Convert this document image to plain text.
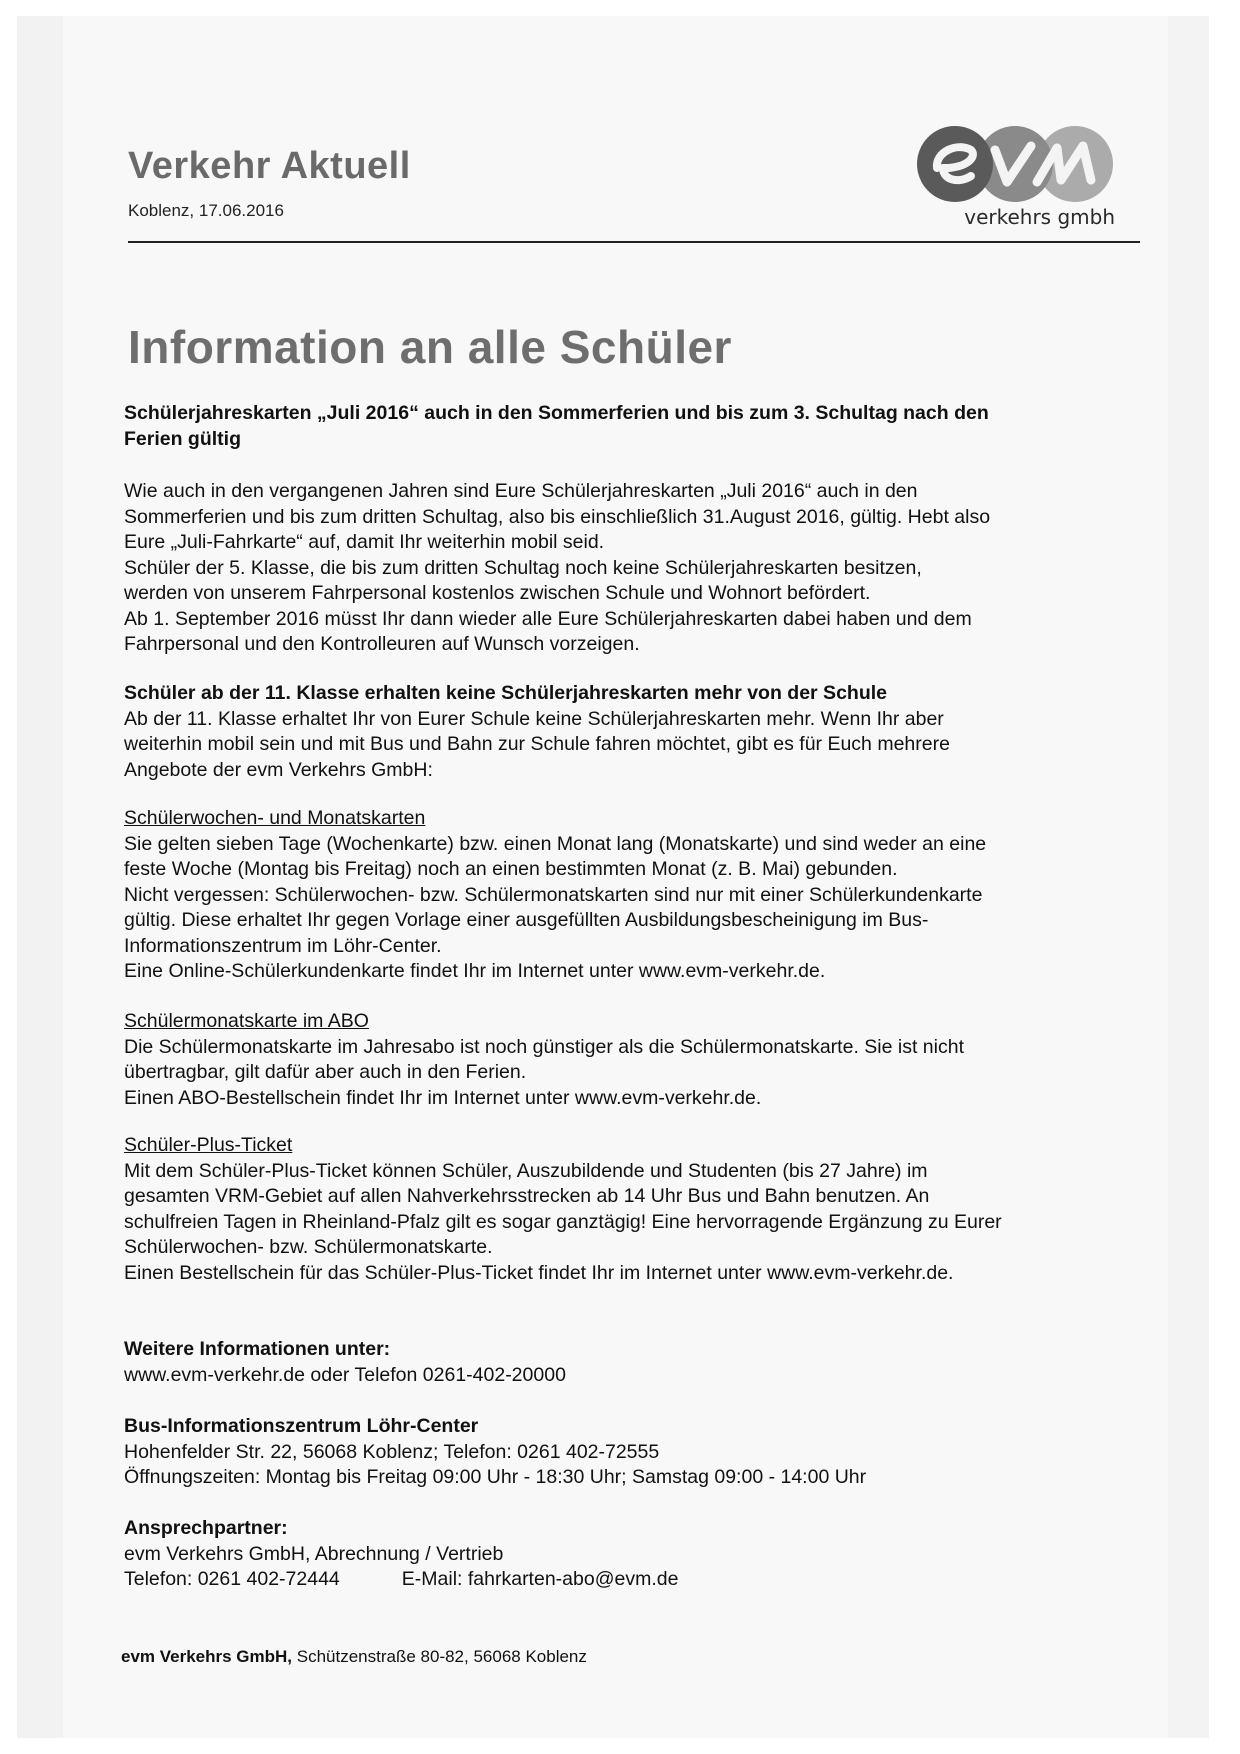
Verkehr Aktuell
Koblenz, 17.06.2016	verkehrs gmbh
Information an alle Schüler

Schülerjahreskarten „Juli 2016“ auch in den Sommerferien und bis zum 3. Schultag nach den

Ferien gültig

Wie auch in den vergangenen Jahren sind Eure Schülerjahreskarten „Juli 2016“ auch in den

Sommerferien und bis zum dritten Schultag, also bis einschließlich 31.August 2016, gültig. Hebt also

Eure „Juli-Fahrkarte“ auf, damit Ihr weiterhin mobil seid.

Schüler der 5. Klasse, die bis zum dritten Schultag noch keine Schülerjahreskarten besitzen,

werden von unserem Fahrpersonal kostenlos zwischen Schule und Wohnort befördert.

Ab 1. September 2016 müsst Ihr dann wieder alle Eure Schülerjahreskarten dabei haben und dem

Fahrpersonal und den Kontrolleuren auf Wunsch vorzeigen.

Schüler ab der 11. Klasse erhalten keine Schülerjahreskarten mehr von der Schule

Ab der 11. Klasse erhaltet Ihr von Eurer Schule keine Schülerjahreskarten mehr. Wenn Ihr aber

weiterhin mobil sein und mit Bus und Bahn zur Schule fahren möchtet, gibt es für Euch mehrere

Angebote der evm Verkehrs GmbH:

Schülerwochen- und Monatskarten

Sie gelten sieben Tage (Wochenkarte) bzw. einen Monat lang (Monatskarte) und sind weder an eine

feste Woche (Montag bis Freitag) noch an einen bestimmten Monat (z. B. Mai) gebunden.

Nicht vergessen: Schülerwochen- bzw. Schülermonatskarten sind nur mit einer Schülerkundenkarte

gültig. Diese erhaltet Ihr gegen Vorlage einer ausgefüllten Ausbildungsbescheinigung im Bus-

Informationszentrum im Löhr-Center.

Eine Online-Schülerkundenkarte findet Ihr im Internet unter www.evm-verkehr.de.

Schülermonatskarte im ABO

Die Schülermonatskarte im Jahresabo ist noch günstiger als die Schülermonatskarte. Sie ist nicht

übertragbar, gilt dafür aber auch in den Ferien.

Einen ABO-Bestellschein findet Ihr im Internet unter www.evm-verkehr.de.

Schüler-Plus-Ticket

Mit dem Schüler-Plus-Ticket können Schüler, Auszubildende und Studenten (bis 27 Jahre) im

gesamten VRM-Gebiet auf allen Nahverkehrsstrecken ab 14 Uhr Bus und Bahn benutzen. An

schulfreien Tagen in Rheinland-Pfalz gilt es sogar ganztägig! Eine hervorragende Ergänzung zu Eurer

Schülerwochen- bzw. Schülermonatskarte.

Einen Bestellschein für das Schüler-Plus-Ticket findet Ihr im Internet unter www.evm-verkehr.de.

Weitere Informationen unter:

www.evm-verkehr.de oder Telefon 0261-402-20000

Bus-Informationszentrum Löhr-Center

Hohenfelder Str. 22, 56068 Koblenz; Telefon: 0261 402-72555

Öffnungszeiten: Montag bis Freitag 09:00 Uhr - 18:30 Uhr; Samstag 09:00 - 14:00 Uhr

Ansprechpartner:

evm Verkehrs GmbH, Abrechnung / Vertrieb

Telefon: 0261 402-72444	E-Mail: fahrkarten-abo@evm.de

evm Verkehrs GmbH, Schützenstraße 80-82, 56068 Koblenz
